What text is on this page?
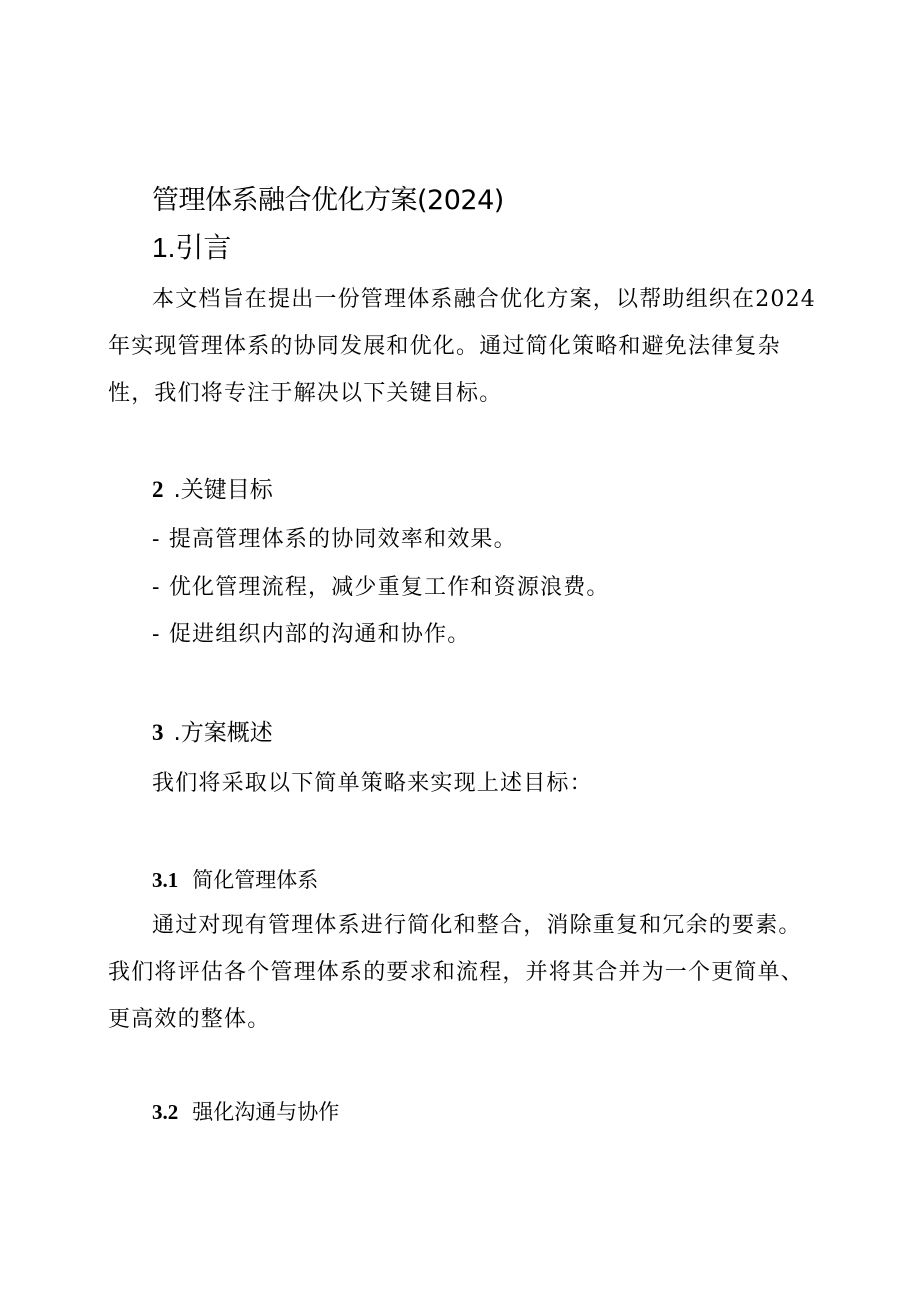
管理体系融合优化方案(2024)
1.引言
本文档旨在提出一份管理体系融合优化方案，以帮助组织在2024
年实现管理体系的协同发展和优化。通过简化策略和避免法律复杂
性，我们将专注于解决以下关键目标。
2 .关键目标
- 提高管理体系的协同效率和效果。
- 优化管理流程，减少重复工作和资源浪费。
- 促进组织内部的沟通和协作。
3 .方案概述
我们将采取以下简单策略来实现上述目标：
3.1 简化管理体系
通过对现有管理体系进行简化和整合，消除重复和冗余的要素。
我们将评估各个管理体系的要求和流程，并将其合并为一个更简单、
更高效的整体。
3.2 强化沟通与协作
